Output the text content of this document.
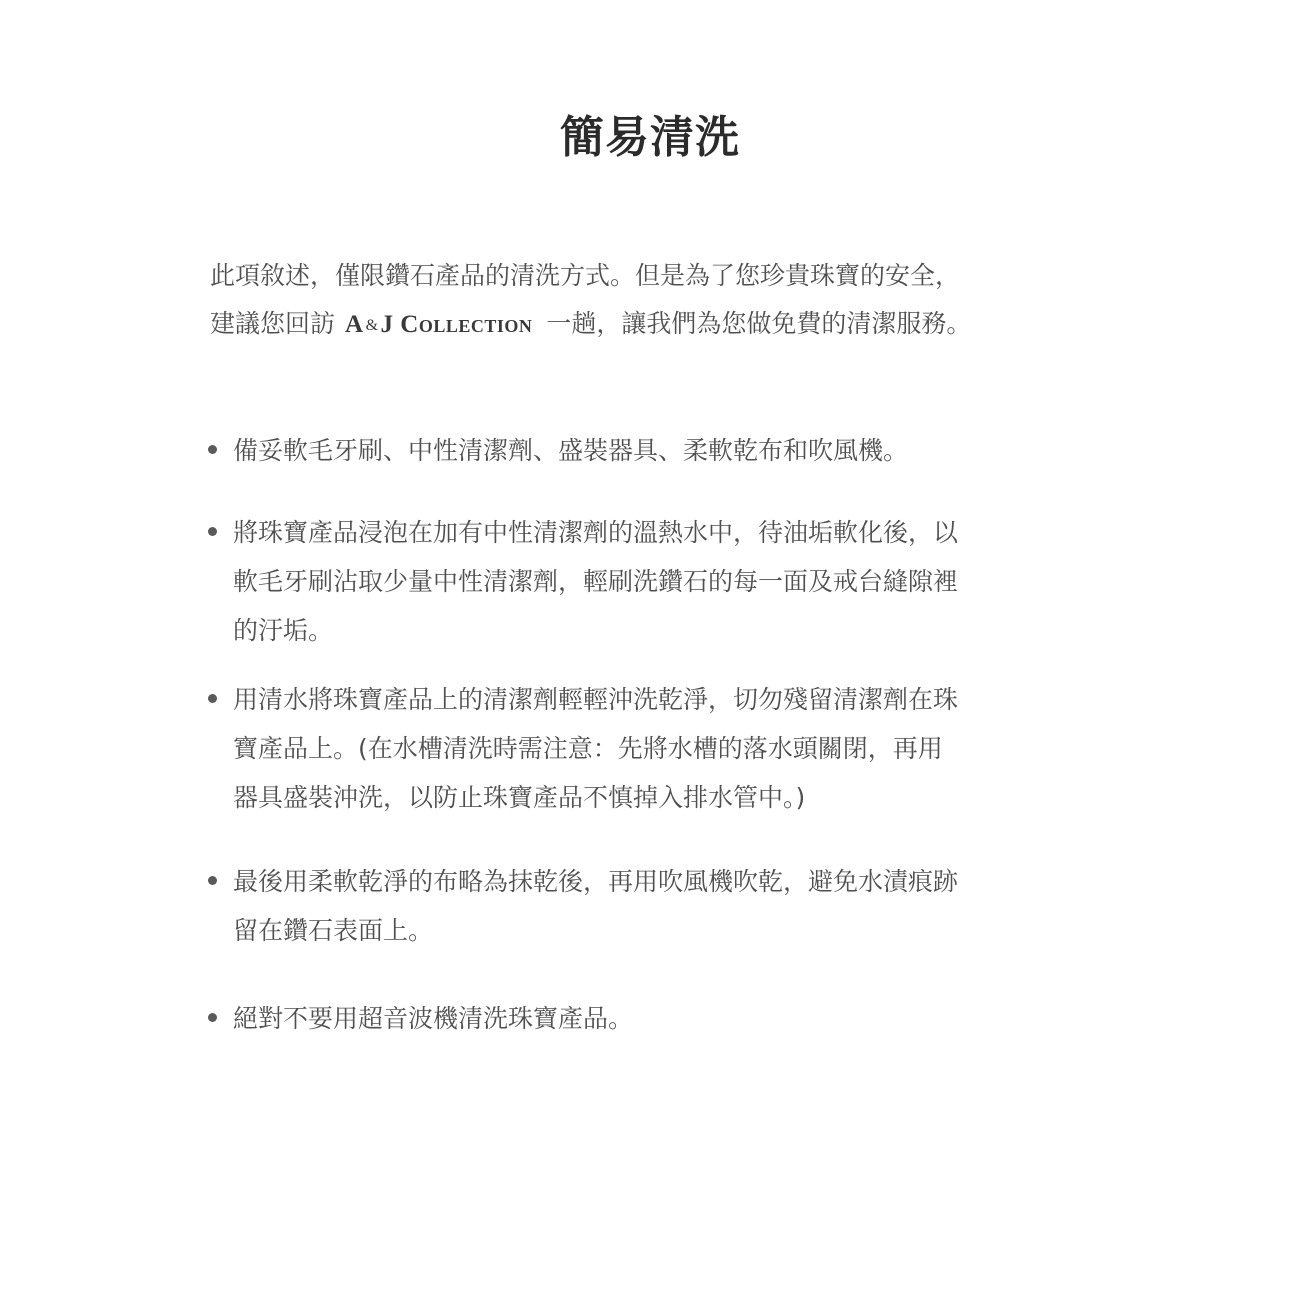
簡易清洗
此項敘述，僅限鑽石產品的清洗方式。但是為了您珍貴珠寶的安全，
建議您回訪 A &J COLLECTION 一趟，讓我們為您做免費的清潔服務。
備妥軟毛牙刷、中性清潔劑、盛裝器具、柔軟乾布和吹風機。
將珠寶產品浸泡在加有中性清潔劑的溫熱水中，待油垢軟化後，以
軟毛牙刷沾取少量中性清潔劑，輕刷洗鑽石的每一面及戒台縫隙裡
的汙垢。
用清水將珠寶產品上的清潔劑輕輕沖洗乾淨，切勿殘留清潔劑在珠
寶產品上。(在水槽清洗時需注意：先將水槽的落水頭關閉，再用
器具盛裝沖洗，以防止珠寶產品不慎掉入排水管中。)
最後用柔軟乾淨的布略為抹乾後，再用吹風機吹乾，避免水漬痕跡
留在鑽石表面上。
絕對不要用超音波機清洗珠寶產品。
